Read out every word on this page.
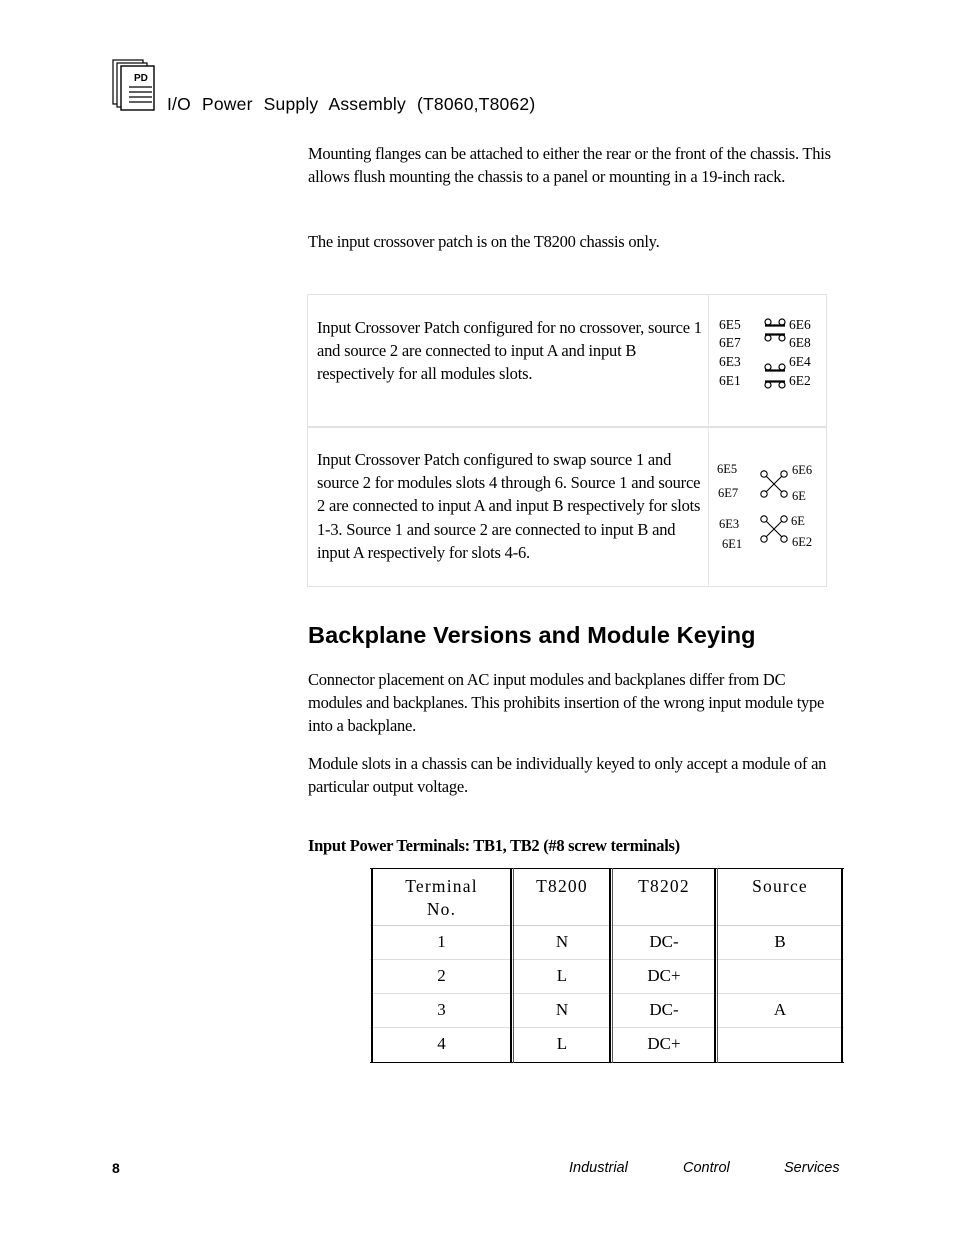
PD
I/O Power Supply Assembly (T8060,T8062)
Mounting flanges can be attached to either the rear or the front of the chassis. This allows flush mounting the chassis to a panel or mounting in a 19-inch rack.
The input crossover patch is on the T8200 chassis only.
Input Crossover Patch configured for no crossover, source 1 and source 2 are connected to input A and input B respectively for all modules slots.
6E5	6E6
6E7	6E8
6E3	6E4
6E1	6E2
Input Crossover Patch configured to swap source 1 and source 2 for modules slots 4 through 6. Source 1 and source 2 are connected to input A and input B respectively for slots 1-3. Source 1 and source 2 are connected to input B and input A respectively for slots 4-6.
6E5	6E6
6E7	6E
6E3	6E
6E1	6E2
Backplane Versions and Module Keying
Connector placement on AC input modules and backplanes differ from DC modules and backplanes. This prohibits insertion of the wrong input module type into a backplane.
Module slots in a chassis can be individually keyed to only accept a module of an particular output voltage.
Input Power Terminals: TB1, TB2 (#8 screw terminals)
Terminal
No.
T8200	T8202	Source
1	N	DC-	B
2	L	DC+
3	N	DC-	A
4	L	DC+
8	Industrial	Control	Services
